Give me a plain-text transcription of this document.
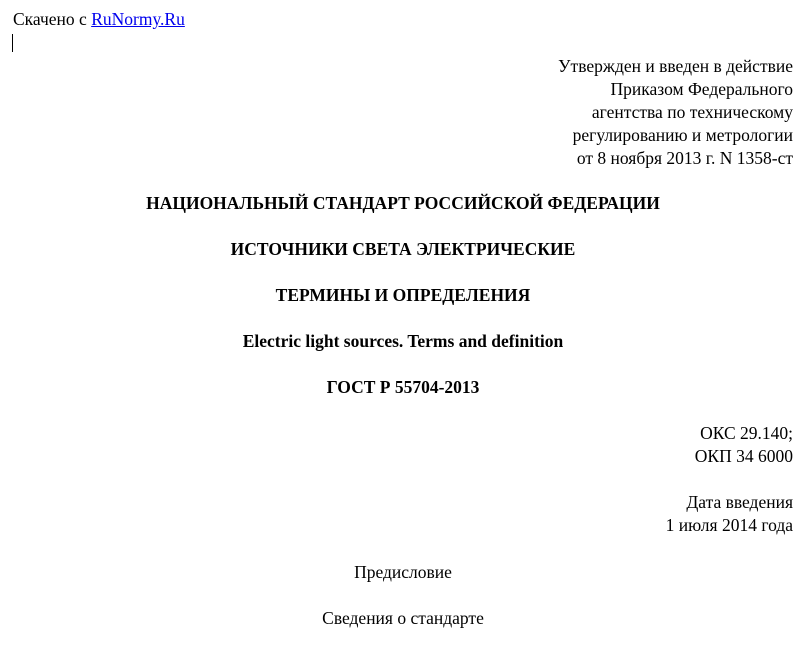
Скачено с RuNormy.Ru
Утвержден и введен в действие
Приказом Федерального
агентства по техническому
регулированию и метрологии
от 8 ноября 2013 г. N 1358-ст
НАЦИОНАЛЬНЫЙ СТАНДАРТ РОССИЙСКОЙ ФЕДЕРАЦИИ
ИСТОЧНИКИ СВЕТА ЭЛЕКТРИЧЕСКИЕ
ТЕРМИНЫ И ОПРЕДЕЛЕНИЯ
Electric light sources. Terms and definition
ГОСТ Р 55704-2013
ОКС 29.140;
ОКП 34 6000
Дата введения
1 июля 2014 года
Предисловие
Сведения о стандарте
